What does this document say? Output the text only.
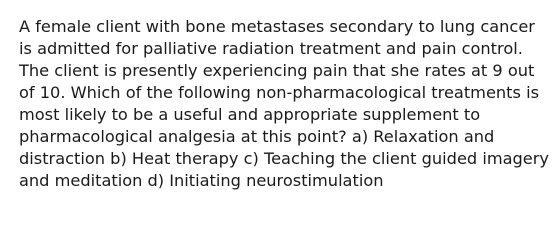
A female client with bone metastases secondary to lung cancer
is admitted for palliative radiation treatment and pain control.
The client is presently experiencing pain that she rates at 9 out
of 10. Which of the following non-pharmacological treatments is
most likely to be a useful and appropriate supplement to
pharmacological analgesia at this point? a) Relaxation and
distraction b) Heat therapy c) Teaching the client guided imagery
and meditation d) Initiating neurostimulation
